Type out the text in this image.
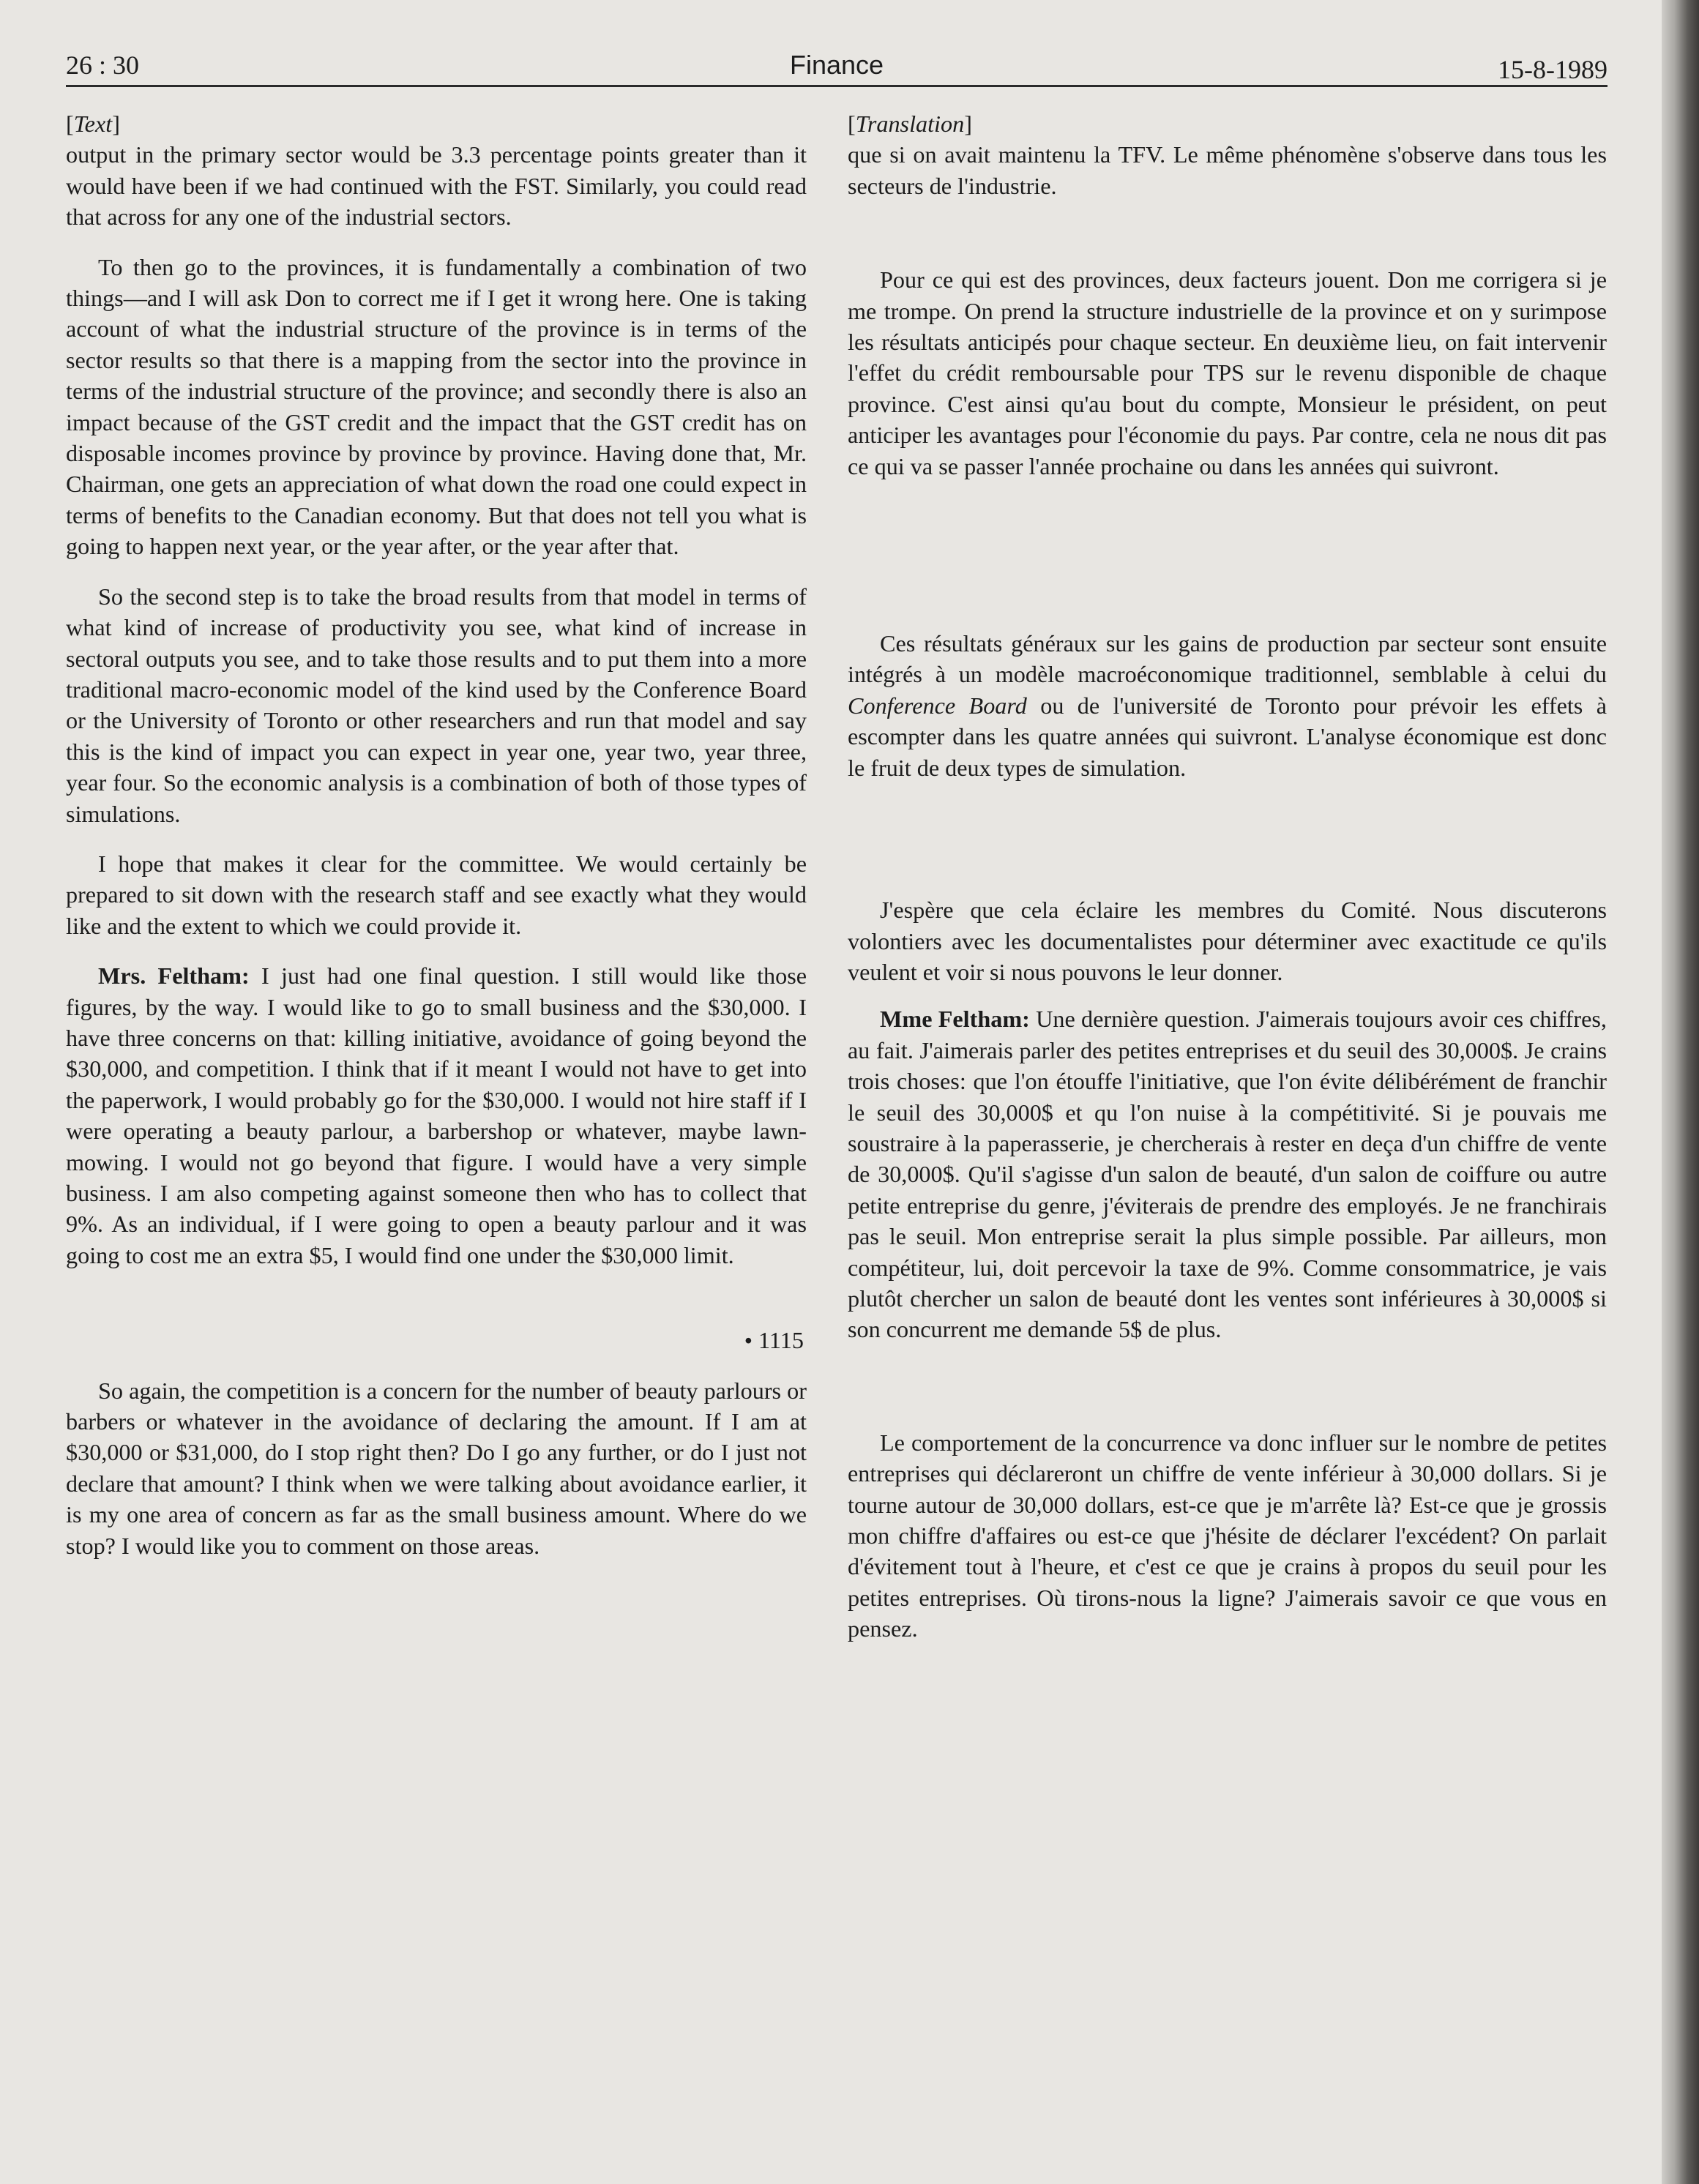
Finance
26 : 30	15-8-1989

[Text]

output in the primary sector would be 3.3 percentage points greater than it would have been if we had continued with the FST. Similarly, you could read that across for any one of the industrial sectors.

To then go to the provinces, it is fundamentally a combination of two things—and I will ask Don to correct me if I get it wrong here. One is taking account of what the industrial structure of the province is in terms of the sector results so that there is a mapping from the sector into the province in terms of the industrial structure of the province; and secondly there is also an impact because of the GST credit and the impact that the GST credit has on disposable incomes province by province by province. Having done that, Mr. Chairman, one gets an appreciation of what down the road one could expect in terms of benefits to the Canadian economy. But that does not tell you what is going to happen next year, or the year after, or the year after that.

So the second step is to take the broad results from that model in terms of what kind of increase of productivity you see, what kind of increase in sectoral outputs you see, and to take those results and to put them into a more traditional macro-economic model of the kind used by the Conference Board or the University of Toronto or other researchers and run that model and say this is the kind of impact you can expect in year one, year two, year three, year four. So the economic analysis is a combination of both of those types of simulations.

I hope that makes it clear for the committee. We would certainly be prepared to sit down with the research staff and see exactly what they would like and the extent to which we could provide it.

Mrs. Feltham: I just had one final question. I still would like those figures, by the way. I would like to go to small business and the $30,000. I have three concerns on that: killing initiative, avoidance of going beyond the $30,000, and competition. I think that if it meant I would not have to get into the paperwork, I would probably go for the $30,000. I would not hire staff if I were operating a beauty parlour, a barbershop or whatever, maybe lawn-mowing. I would not go beyond that figure. I would have a very simple business. I am also competing against someone then who has to collect that 9%. As an individual, if I were going to open a beauty parlour and it was going to cost me an extra $5, I would find one under the $30,000 limit.

• 1115

So again, the competition is a concern for the number of beauty parlours or barbers or whatever in the avoidance of declaring the amount. If I am at $30,000 or $31,000, do I stop right then? Do I go any further, or do I just not declare that amount? I think when we were talking about avoidance earlier, it is my one area of concern as far as the small business amount. Where do we stop? I would like you to comment on those areas.

[Translation]

que si on avait maintenu la TFV. Le même phénomène s'observe dans tous les secteurs de l'industrie.

Pour ce qui est des provinces, deux facteurs jouent. Don me corrigera si je me trompe. On prend la structure industrielle de la province et on y surimpose les résultats anticipés pour chaque secteur. En deuxième lieu, on fait intervenir l'effet du crédit remboursable pour TPS sur le revenu disponible de chaque province. C'est ainsi qu'au bout du compte, Monsieur le président, on peut anticiper les avantages pour l'économie du pays. Par contre, cela ne nous dit pas ce qui va se passer l'année prochaine ou dans les années qui suivront.

Ces résultats généraux sur les gains de production par secteur sont ensuite intégrés à un modèle macroéconomique traditionnel, semblable à celui du Conference Board ou de l'université de Toronto pour prévoir les effets à escompter dans les quatre années qui suivront. L'analyse économique est donc le fruit de deux types de simulation.

J'espère que cela éclaire les membres du Comité. Nous discuterons volontiers avec les documentalistes pour déterminer avec exactitude ce qu'ils veulent et voir si nous pouvons le leur donner.

Mme Feltham: Une dernière question. J'aimerais toujours avoir ces chiffres, au fait. J'aimerais parler des petites entreprises et du seuil des 30,000$. Je crains trois choses: que l'on étouffe l'initiative, que l'on évite délibérément de franchir le seuil des 30,000$ et qu l'on nuise à la compétitivité. Si je pouvais me soustraire à la paperasserie, je chercherais à rester en deça d'un chiffre de vente de 30,000$. Qu'il s'agisse d'un salon de beauté, d'un salon de coiffure ou autre petite entreprise du genre, j'éviterais de prendre des employés. Je ne franchirais pas le seuil. Mon entreprise serait la plus simple possible. Par ailleurs, mon compétiteur, lui, doit percevoir la taxe de 9%. Comme consommatrice, je vais plutôt chercher un salon de beauté dont les ventes sont inférieures à 30,000$ si son concurrent me demande 5$ de plus.

Le comportement de la concurrence va donc influer sur le nombre de petites entreprises qui déclareront un chiffre de vente inférieur à 30,000 dollars. Si je tourne autour de 30,000 dollars, est-ce que je m'arrête là? Est-ce que je grossis mon chiffre d'affaires ou est-ce que j'hésite de déclarer l'excédent? On parlait d'évitement tout à l'heure, et c'est ce que je crains à propos du seuil pour les petites entreprises. Où tirons-nous la ligne? J'aimerais savoir ce que vous en pensez.
